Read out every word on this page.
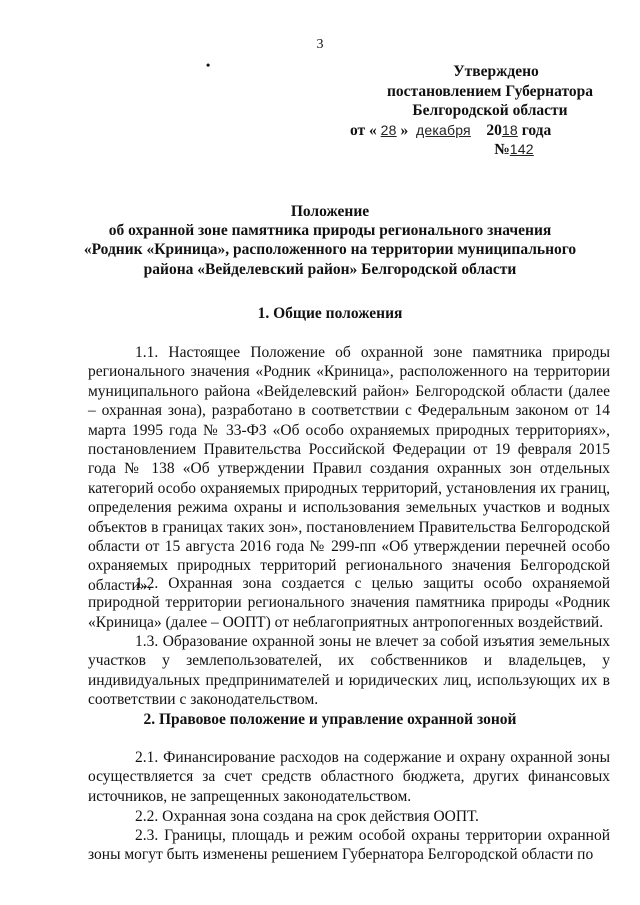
3
•	Утверждено
постановлением Губернатора
Белгородской области
от « 28 » декабря 2018 года
№142
Положение
об охранной зоне памятника природы регионального значения
«Родник «Криница», расположенного на территории муниципального
района «Вейделевский район» Белгородской области
1. Общие положения
1.1. Настоящее Положение об охранной зоне памятника природы регионального значения «Родник «Криница», расположенного на территории муниципального района «Вейделевский район» Белгородской области (далее – охранная зона), разработано в соответствии с Федеральным законом от 14 марта 1995 года № 33-ФЗ «Об особо охраняемых природных территориях», постановлением Правительства Российской Федерации от 19 февраля 2015 года № 138 «Об утверждении Правил создания охранных зон отдельных категорий особо охраняемых природных территорий, установления их границ, определения режима охраны и использования земельных участков и водных объектов в границах таких зон», постановлением Правительства Белгородской области от 15 августа 2016 года № 299-пп «Об утверждении перечней особо охраняемых природных территорий регионального значения Белгородской области».
1.2. Охранная зона создается с целью защиты особо охраняемой природной территории регионального значения памятника природы «Родник «Криница» (далее – ООПТ) от неблагоприятных антропогенных воздействий.
1.3. Образование охранной зоны не влечет за собой изъятия земельных участков у землепользователей, их собственников и владельцев, у индивидуальных предпринимателей и юридических лиц, использующих их в соответствии с законодательством.
2. Правовое положение и управление охранной зоной
2.1. Финансирование расходов на содержание и охрану охранной зоны осуществляется за счет средств областного бюджета, других финансовых источников, не запрещенных законодательством.
2.2. Охранная зона создана на срок действия ООПТ.
2.3. Границы, площадь и режим особой охраны территории охранной зоны могут быть изменены решением Губернатора Белгородской области по
